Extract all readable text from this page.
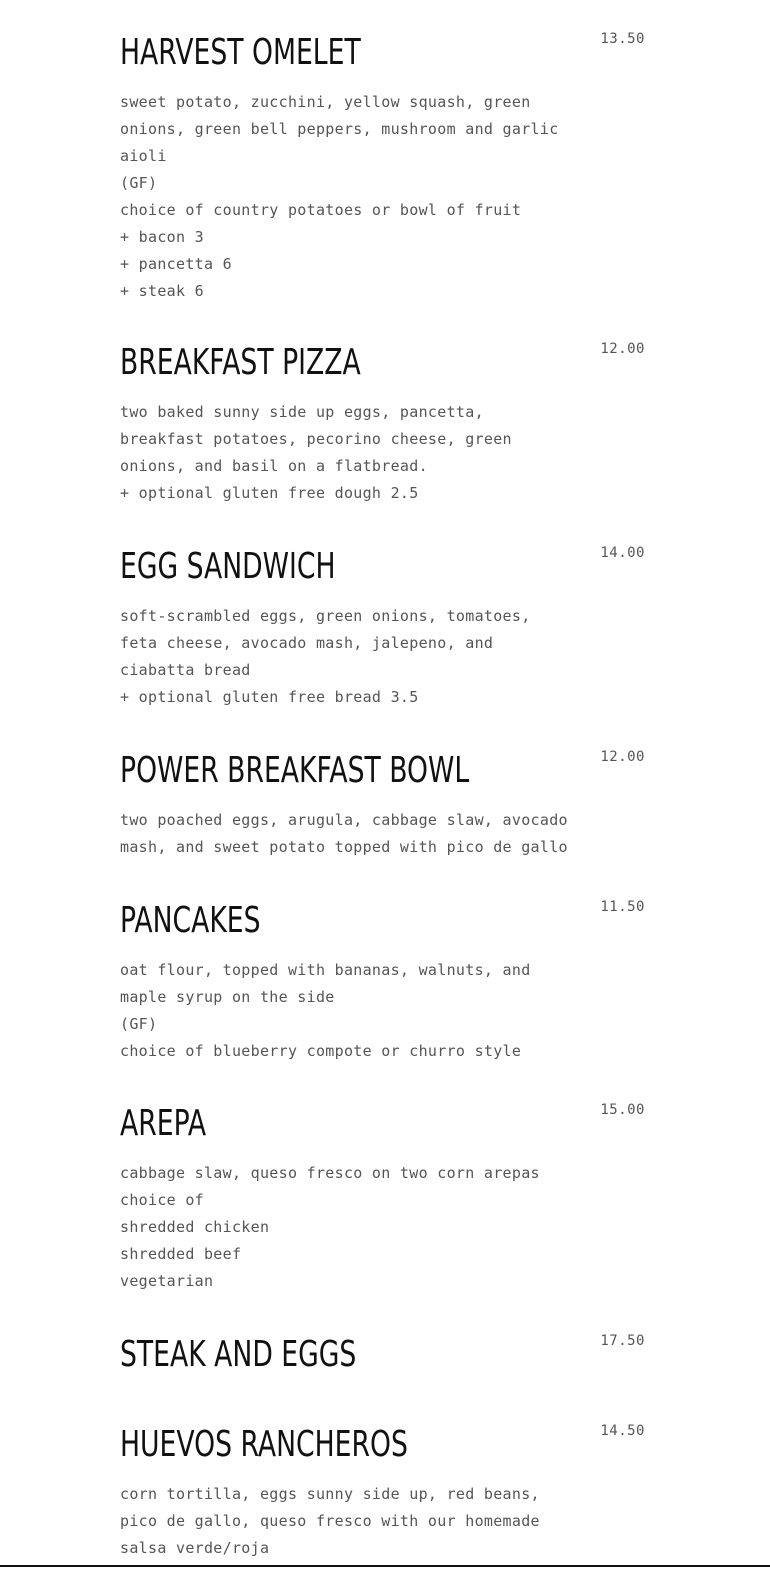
HARVEST OMELET	13.50
sweet potato, zucchini, yellow squash, green
onions, green bell peppers, mushroom and garlic
aioli
(GF)
choice of country potatoes or bowl of fruit
+ bacon 3
+ pancetta 6
+ steak 6
BREAKFAST PIZZA	12.00
two baked sunny side up eggs, pancetta,
breakfast potatoes, pecorino cheese, green
onions, and basil on a flatbread.
+ optional gluten free dough 2.5
EGG SANDWICH	14.00
soft-scrambled eggs, green onions, tomatoes,
feta cheese, avocado mash, jalepeno, and
ciabatta bread
+ optional gluten free bread 3.5
POWER BREAKFAST BOWL	12.00
two poached eggs, arugula, cabbage slaw, avocado
mash, and sweet potato topped with pico de gallo
PANCAKES	11.50
oat flour, topped with bananas, walnuts, and
maple syrup on the side
(GF)
choice of blueberry compote or churro style
AREPA	15.00
cabbage slaw, queso fresco on two corn arepas
choice of
shredded chicken
shredded beef
vegetarian
STEAK AND EGGS	17.50
HUEVOS RANCHEROS	14.50
corn tortilla, eggs sunny side up, red beans,
pico de gallo, queso fresco with our homemade
salsa verde/roja
